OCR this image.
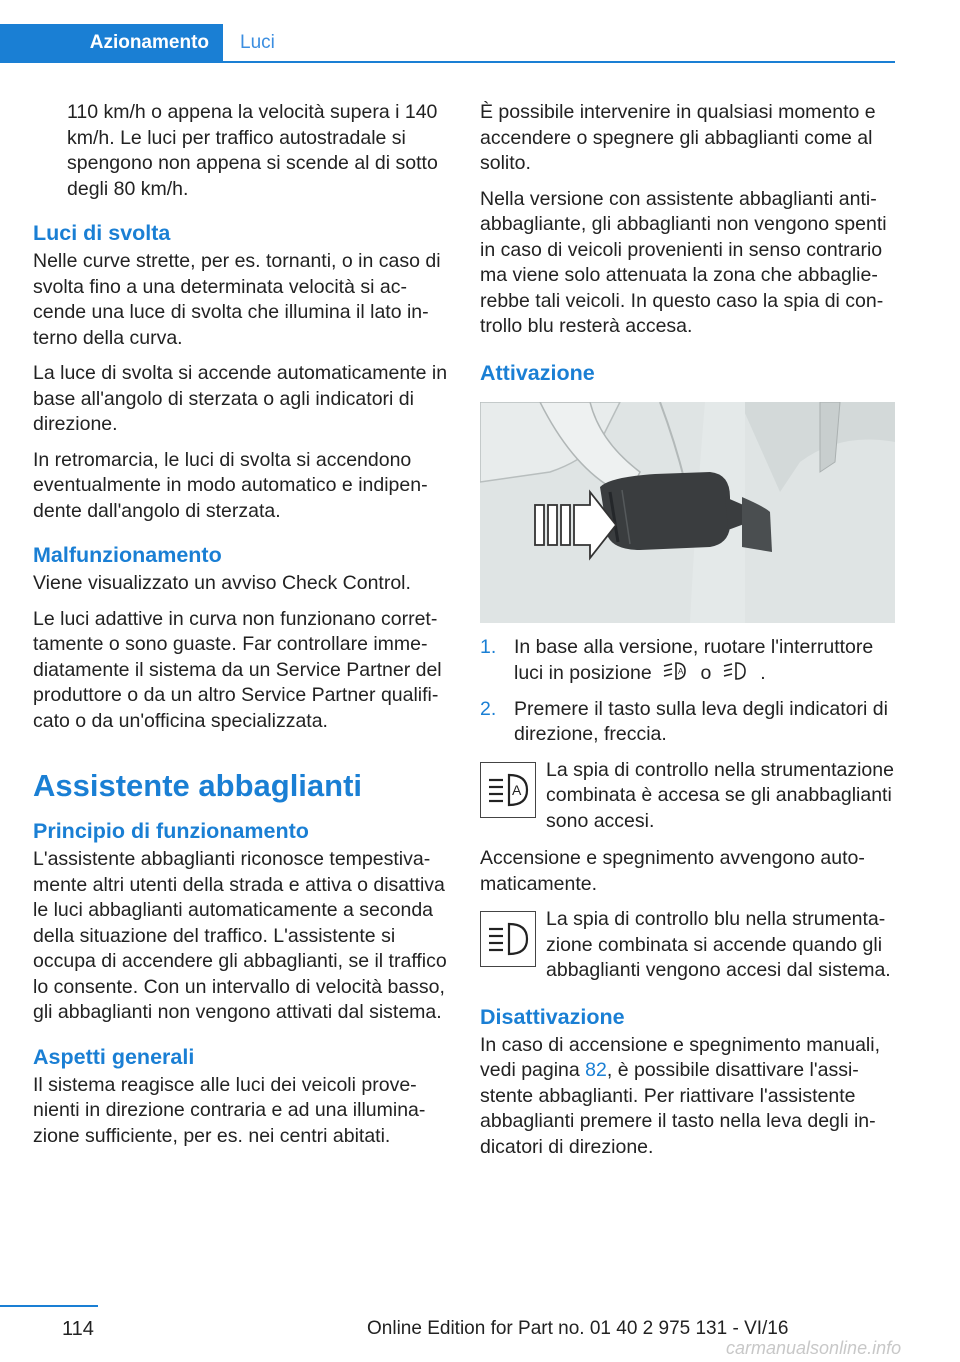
Azionamento	Luci

110 km/h o appena la velocità supera i 140 km/h. Le luci per traffico autostradale si spengono non appena si scende al di sotto degli 80 km/h.

Luci di svolta

Nelle curve strette, per es. tornanti, o in caso di svolta fino a una determinata velocità si accende una luce di svolta che illumina il lato interno della curva.

La luce di svolta si accende automaticamente in base all'angolo di sterzata o agli indicatori di direzione.

In retromarcia, le luci di svolta si accendono eventualmente in modo automatico e indipendente dall'angolo di sterzata.

Malfunzionamento

Viene visualizzato un avviso Check Control.

Le luci adattive in curva non funzionano correttamente o sono guaste. Far controllare immediatamente il sistema da un Service Partner del produttore o da un altro Service Partner qualificato o da un'officina specializzata.

Assistente abbaglianti
Principio di funzionamento

L'assistente abbaglianti riconosce tempestivamente altri utenti della strada e attiva o disattiva le luci abbaglianti automaticamente a seconda della situazione del traffico. L'assistente si occupa di accendere gli abbaglianti, se il traffico lo consente. Con un intervallo di velocità basso, gli abbaglianti non vengono attivati dal sistema.

Aspetti generali

Il sistema reagisce alle luci dei veicoli provenienti in direzione contraria e ad una illuminazione sufficiente, per es. nei centri abitati.

È possibile intervenire in qualsiasi momento e accendere o spegnere gli abbaglianti come al solito.

Nella versione con assistente abbaglianti antiabbagliante, gli abbaglianti non vengono spenti in caso di veicoli provenienti in senso contrario ma viene solo attenuata la zona che abbaglierebbe tali veicoli. In questo caso la spia di controllo blu resterà accesa.

Attivazione
1. In base alla versione, ruotare l'interruttore luci in posizione	A o	.
2. Premere il tasto sulla leva degli indicatori di direzione, freccia.
A

La spia di controllo nella strumentazione combinata è accesa se gli anabbaglianti sono accesi.

Accensione e spegnimento avvengono automaticamente.

La spia di controllo blu nella strumentazione combinata si accende quando gli abbaglianti vengono accesi dal sistema.

Disattivazione

In caso di accensione e spegnimento manuali, vedi pagina 82, è possibile disattivare l'assistente abbaglianti. Per riattivare l'assistente abbaglianti premere il tasto nella leva degli indicatori di direzione.

114	Online Edition for Part no. 01 40 2 975 131 - VI/16
carmanualsonline.info
